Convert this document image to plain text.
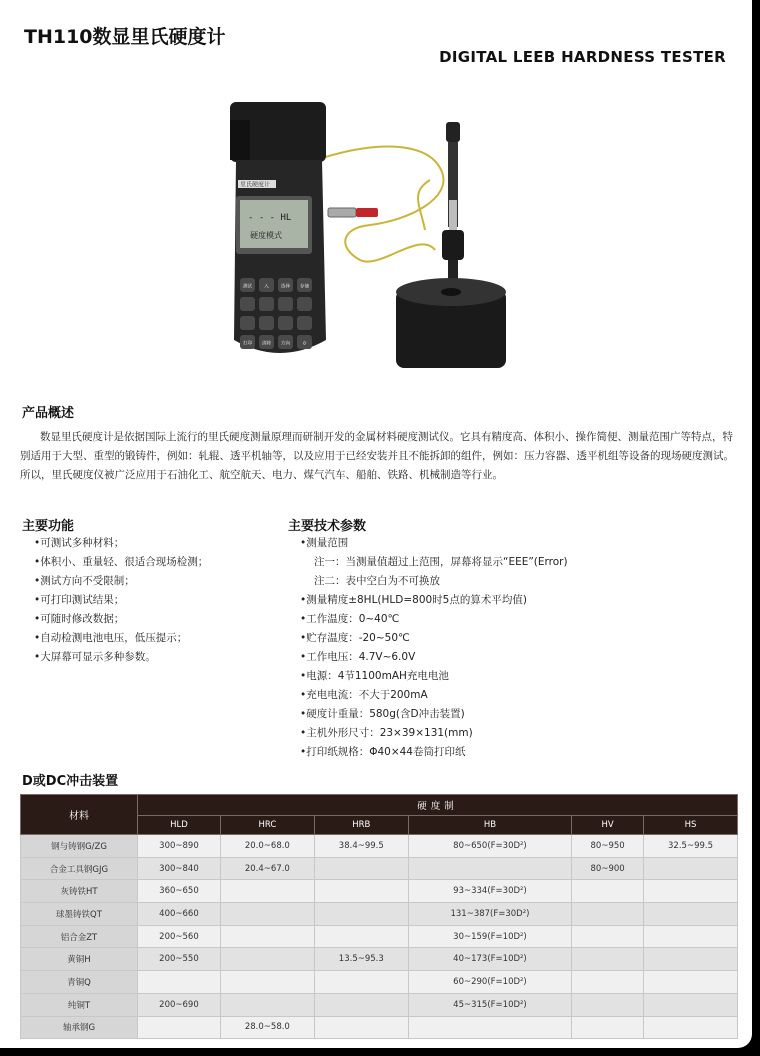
TH110数显里氏硬度计
DIGITAL LEEB HARDNESS TESTER
里氏硬度计
- - - HL
硬度模式
测试	入	选择 存储
打印 清除 方向	⏻
产品概述
数显里氏硬度计是依据国际上流行的里氏硬度测量原理而研制开发的金属材料硬度测试仪。它具有精度高、体积小、操作简便、测量范围广等特点，特别适用于大型、重型的锻铸件，例如：轧辊、透平机轴等，以及应用于已经安装并且不能拆卸的组件，例如：压力容器、透平机组等设备的现场硬度测试。所以，里氏硬度仪被广泛应用于石油化工、航空航天、电力、煤气汽车、船舶、铁路、机械制造等行业。
主要功能
•可测试多种材料；
•体积小、重量轻、很适合现场检测；
•测试方向不受限制；
•可打印测试结果；
•可随时修改数据；
•自动检测电池电压，低压提示；
•大屏幕可显示多种参数。
主要技术参数
•测量范围
注一：当测量值超过上范围，屏幕将显示“EEE”(Error)
注二：表中空白为不可换放
•测量精度±8HL(HLD=800时5点的算术平均值)
•工作温度：0~40℃
•贮存温度：-20~50℃
•工作电压：4.7V~6.0V
•电源：4节1100mAH充电电池
•充电电流：不大于200mA
•硬度计重量：580g(含D冲击装置)
•主机外形尺寸：23×39×131(mm)
•打印纸规格：Φ40×44卷筒打印纸
D或DC冲击装置
材料	硬度制					
	HLD	HRC	HRB	HB	HV	HS
钢与铸钢G/ZG	300~890	20.0~68.0	38.4~99.5	80~650(F=30D²)	80~950	32.5~99.5
合金工具钢GJG	300~840	20.4~67.0			80~900	
灰铸铁HT	360~650			93~334(F=30D²)		
球墨铸铁QT	400~660			131~387(F=30D²)		
铝合金ZT	200~560			30~159(F=10D²)		
黄铜H	200~550		13.5~95.3	40~173(F=10D²)		
青铜Q				60~290(F=10D²)		
纯铜T	200~690			45~315(F=10D²)		
轴承钢G		28.0~58.0				
